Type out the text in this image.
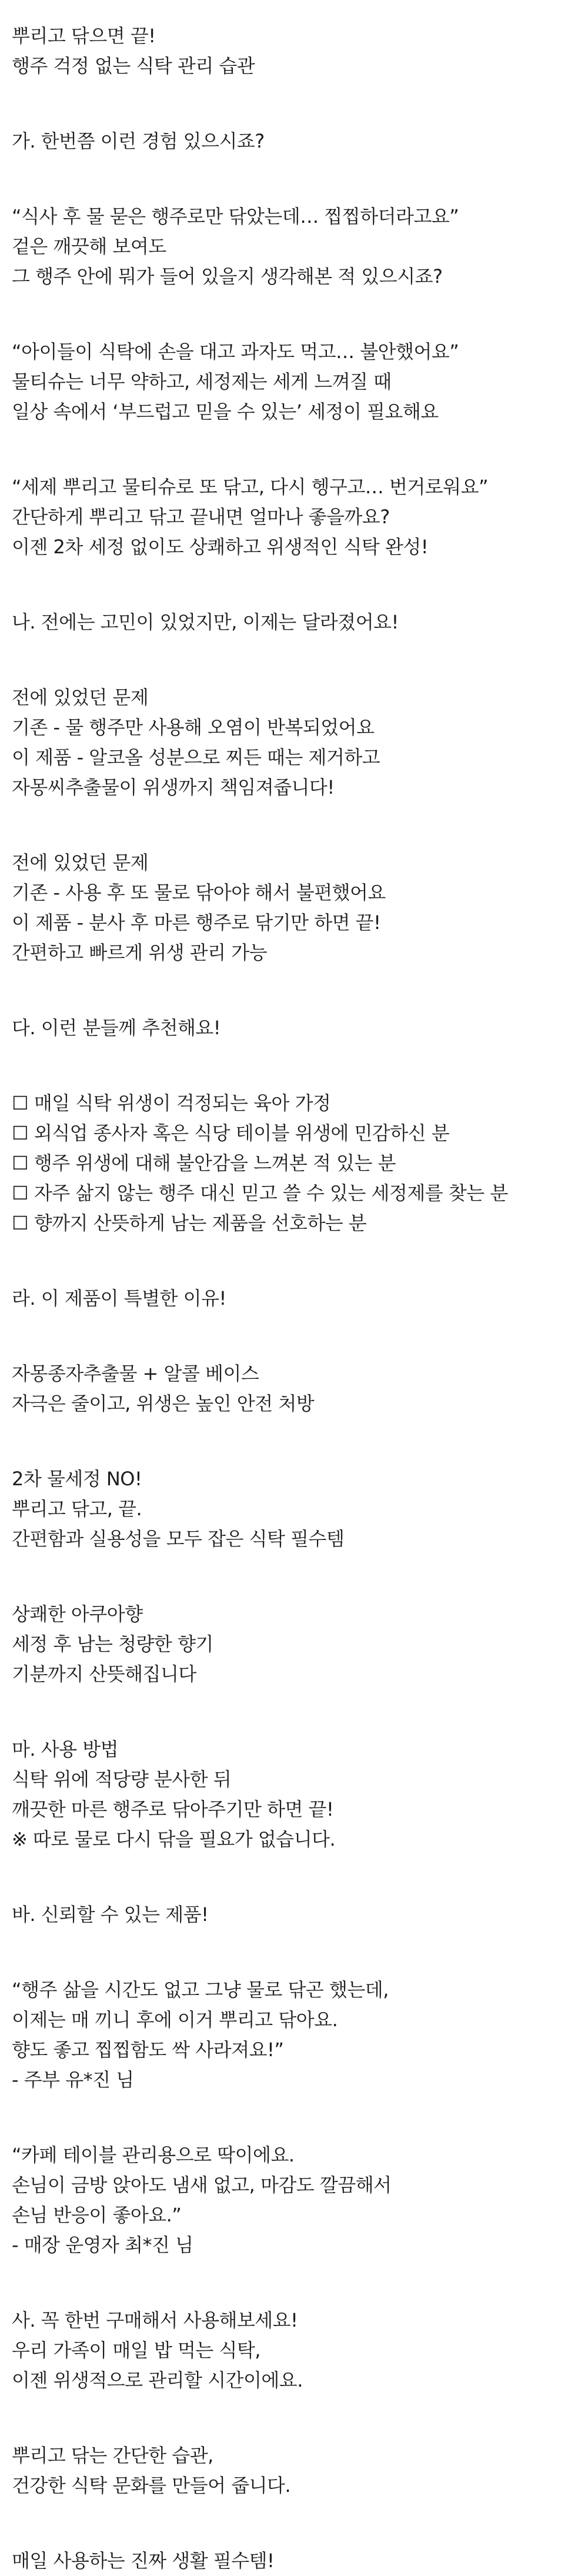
뿌리고 닦으면 끝!
행주 걱정 없는 식탁 관리 습관
가. 한번쯤 이런 경험 있으시죠?
“식사 후 물 묻은 행주로만 닦았는데… 찝찝하더라고요”
겉은 깨끗해 보여도
그 행주 안에 뭐가 들어 있을지 생각해본 적 있으시죠?
“아이들이 식탁에 손을 대고 과자도 먹고… 불안했어요”
물티슈는 너무 약하고, 세정제는 세게 느껴질 때
일상 속에서 ‘부드럽고 믿을 수 있는’ 세정이 필요해요
“세제 뿌리고 물티슈로 또 닦고, 다시 헹구고… 번거로워요”
간단하게 뿌리고 닦고 끝내면 얼마나 좋을까요?
이젠 2차 세정 없이도 상쾌하고 위생적인 식탁 완성!
나. 전에는 고민이 있었지만, 이제는 달라졌어요!
전에 있었던 문제
기존 - 물 행주만 사용해 오염이 반복되었어요
이 제품 - 알코올 성분으로 찌든 때는 제거하고
자몽씨추출물이 위생까지 책임져줍니다!
전에 있었던 문제
기존 - 사용 후 또 물로 닦아야 해서 불편했어요
이 제품 - 분사 후 마른 행주로 닦기만 하면 끝!
간편하고 빠르게 위생 관리 가능
다. 이런 분들께 추천해요!
☐ 매일 식탁 위생이 걱정되는 육아 가정
☐ 외식업 종사자 혹은 식당 테이블 위생에 민감하신 분
☐ 행주 위생에 대해 불안감을 느껴본 적 있는 분
☐ 자주 삶지 않는 행주 대신 믿고 쓸 수 있는 세정제를 찾는 분
☐ 향까지 산뜻하게 남는 제품을 선호하는 분
라. 이 제품이 특별한 이유!
자몽종자추출물 + 알콜 베이스
자극은 줄이고, 위생은 높인 안전 처방
2차 물세정 NO!
뿌리고 닦고, 끝.
간편함과 실용성을 모두 잡은 식탁 필수템
상쾌한 아쿠아향
세정 후 남는 청량한 향기
기분까지 산뜻해집니다
마. 사용 방법
식탁 위에 적당량 분사한 뒤
깨끗한 마른 행주로 닦아주기만 하면 끝!
※ 따로 물로 다시 닦을 필요가 없습니다.
바. 신뢰할 수 있는 제품!
“행주 삶을 시간도 없고 그냥 물로 닦곤 했는데,
이제는 매 끼니 후에 이거 뿌리고 닦아요.
향도 좋고 찝찝함도 싹 사라져요!”
- 주부 유*진 님
“카페 테이블 관리용으로 딱이에요.
손님이 금방 앉아도 냄새 없고, 마감도 깔끔해서
손님 반응이 좋아요.”
- 매장 운영자 최*진 님
사. 꼭 한번 구매해서 사용해보세요!
우리 가족이 매일 밥 먹는 식탁,
이젠 위생적으로 관리할 시간이에요.
뿌리고 닦는 간단한 습관,
건강한 식탁 문화를 만들어 줍니다.
매일 사용하는 진짜 생활 필수템!
